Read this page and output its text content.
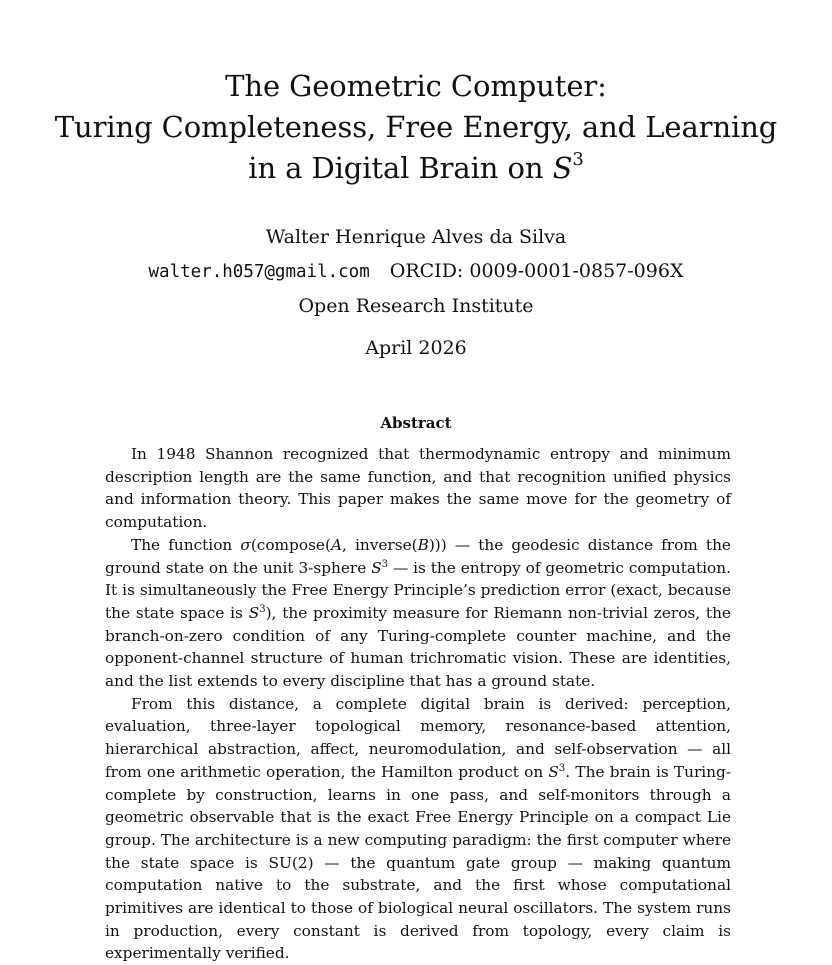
The Geometric Computer:
Turing Completeness, Free Energy, and Learning
in a Digital Brain on $S^3$
Walter Henrique Alves da Silva
walter.h057@gmail.com ORCID: 0009-0001-0857-096X
Open Research Institute
April 2026
Abstract

In 1948 Shannon recognized that thermodynamic entropy and minimum description length are the same function, and that recognition unified physics and information theory. This paper makes the same move for the geometry of computation.

The function σ(compose(A, inverse(B))) — the geodesic distance from the ground state on the unit 3-sphere $S^3$ — is the entropy of geometric computation. It is simultaneously the Free Energy Principle’s prediction error (exact, because the state space is $S^3$), the proximity measure for Riemann non-trivial zeros, the branch-on-zero condition of any Turing-complete counter machine, and the opponent-channel structure of human trichromatic vision. These are identities, and the list extends to every discipline that has a ground state.

From this distance, a complete digital brain is derived: perception, evaluation, three-layer topological memory, resonance-based attention, hierarchical abstraction, affect, neuromodulation, and self-observation — all from one arithmetic operation, the Hamilton product on $S^3$. The brain is Turing-complete by construction, learns in one pass, and self-monitors through a geometric observable that is the exact Free Energy Principle on a compact Lie group. The architecture is a new computing paradigm: the first computer where the state space is SU(2) — the quantum gate group — making quantum computation native to the substrate, and the first whose computational primitives are identical to those of biological neural oscillators. The system runs in production, every constant is derived from topology, every claim is experimentally verified.
